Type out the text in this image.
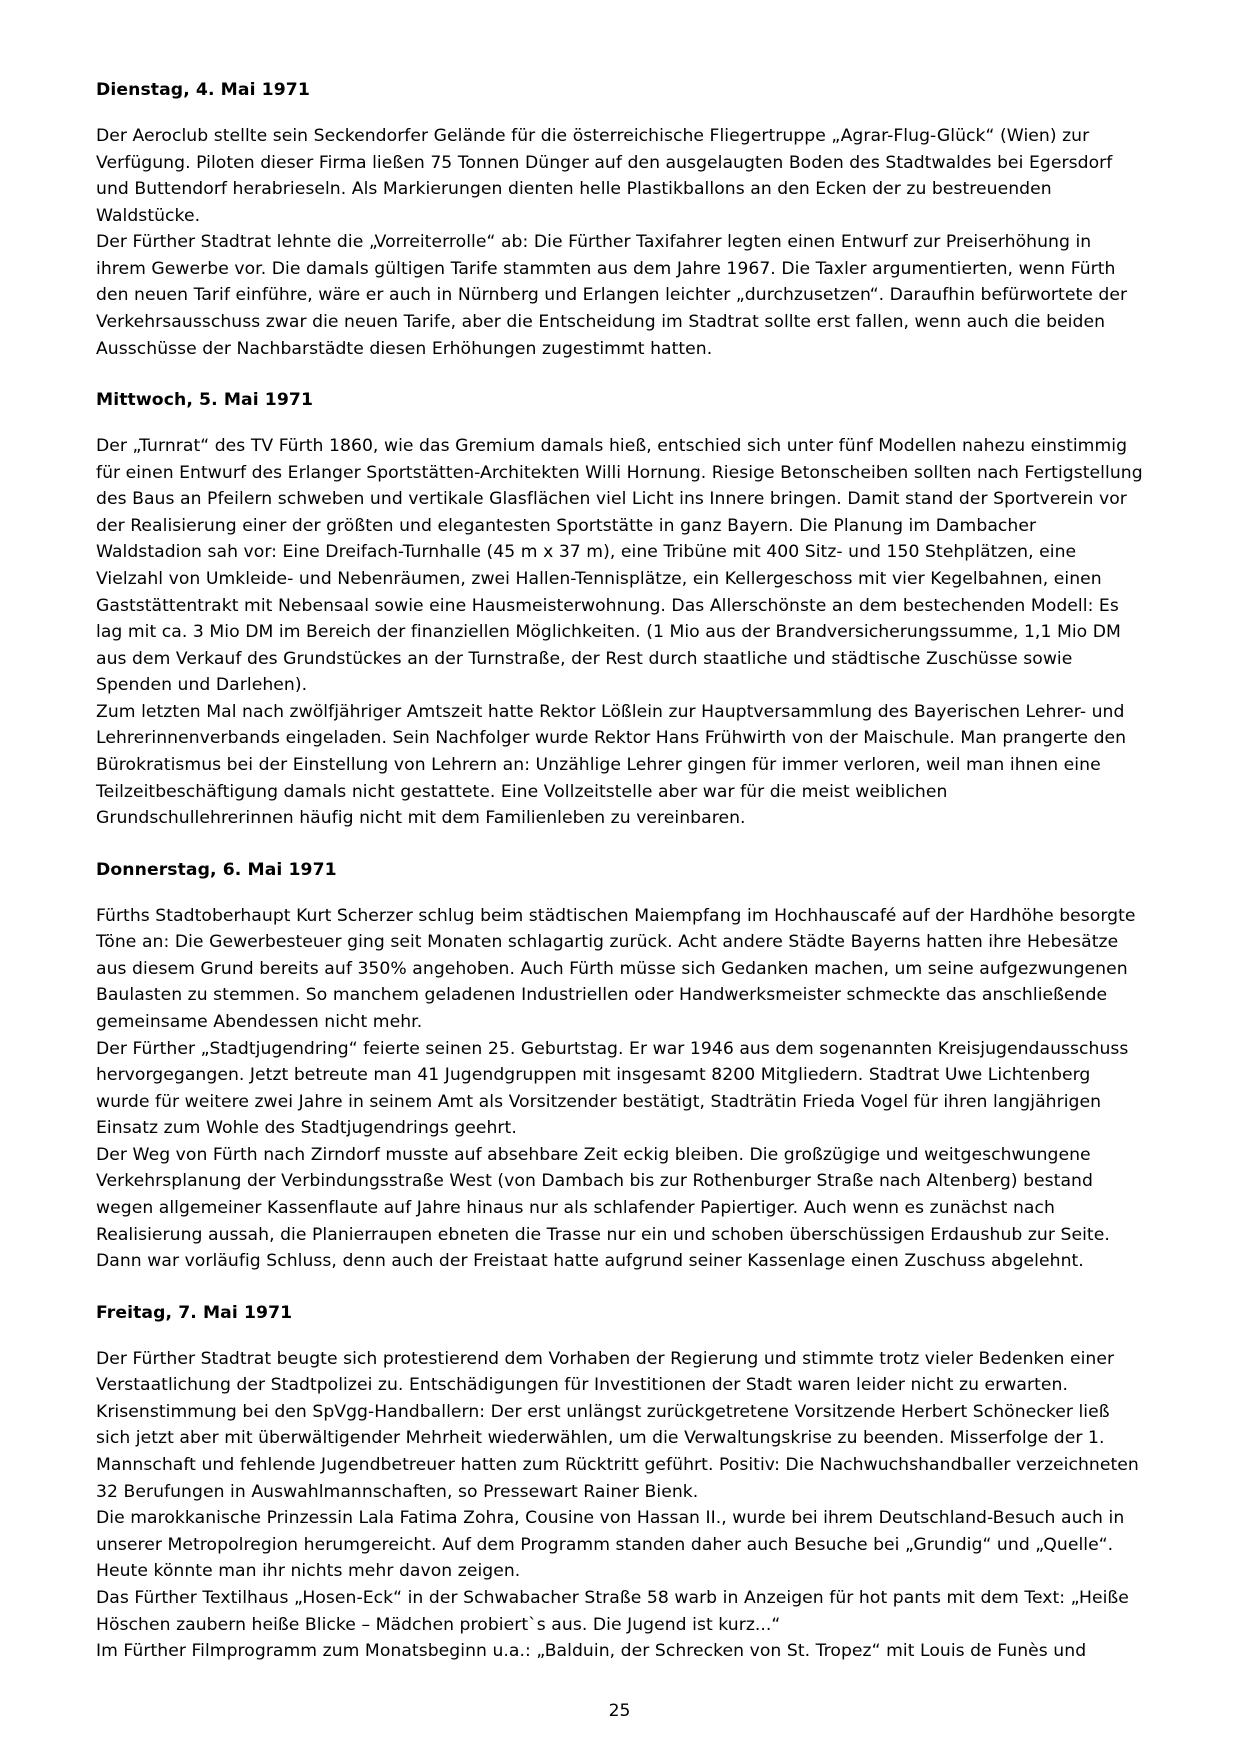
Dienstag, 4. Mai 1971

Der Aeroclub stellte sein Seckendorfer Gelände für die österreichische Fliegertruppe „Agrar-Flug-Glück“ (Wien) zur Verfügung. Piloten dieser Firma ließen 75 Tonnen Dünger auf den ausgelaugten Boden des Stadtwaldes bei Egersdorf und Buttendorf herabrieseln. Als Markierungen dienten helle Plastikballons an den Ecken der zu bestreuenden Waldstücke.

Der Fürther Stadtrat lehnte die „Vorreiterrolle“ ab: Die Fürther Taxifahrer legten einen Entwurf zur Preiserhöhung in ihrem Gewerbe vor. Die damals gültigen Tarife stammten aus dem Jahre 1967. Die Taxler argumentierten, wenn Fürth den neuen Tarif einführe, wäre er auch in Nürnberg und Erlangen leichter „durchzusetzen“. Daraufhin befürwortete der Verkehrsausschuss zwar die neuen Tarife, aber die Entscheidung im Stadtrat sollte erst fallen, wenn auch die beiden Ausschüsse der Nachbarstädte diesen Erhöhungen zugestimmt hatten.

Mittwoch, 5. Mai 1971

Der „Turnrat“ des TV Fürth 1860, wie das Gremium damals hieß, entschied sich unter fünf Modellen nahezu einstimmig für einen Entwurf des Erlanger Sportstätten-Architekten Willi Hornung. Riesige Betonscheiben sollten nach Fertigstellung des Baus an Pfeilern schweben und vertikale Glasflächen viel Licht ins Innere bringen. Damit stand der Sportverein vor der Realisierung einer der größten und elegantesten Sportstätte in ganz Bayern. Die Planung im Dambacher Waldstadion sah vor: Eine Dreifach-Turnhalle (45 m x 37 m), eine Tribüne mit 400 Sitz- und 150 Stehplätzen, eine Vielzahl von Umkleide- und Nebenräumen, zwei Hallen-Tennisplätze, ein Kellergeschoss mit vier Kegelbahnen, einen Gaststättentrakt mit Nebensaal sowie eine Hausmeisterwohnung. Das Allerschönste an dem bestechenden Modell: Es lag mit ca. 3 Mio DM im Bereich der finanziellen Möglichkeiten. (1 Mio aus der Brandversicherungssumme, 1,1 Mio DM aus dem Verkauf des Grundstückes an der Turnstraße, der Rest durch staatliche und städtische Zuschüsse sowie Spenden und Darlehen).

Zum letzten Mal nach zwölfjähriger Amtszeit hatte Rektor Lößlein zur Hauptversammlung des Bayerischen Lehrer- und Lehrerinnenverbands eingeladen. Sein Nachfolger wurde Rektor Hans Frühwirth von der Maischule. Man prangerte den Bürokratismus bei der Einstellung von Lehrern an: Unzählige Lehrer gingen für immer verloren, weil man ihnen eine Teilzeitbeschäftigung damals nicht gestattete. Eine Vollzeitstelle aber war für die meist weiblichen Grundschullehrerinnen häufig nicht mit dem Familienleben zu vereinbaren.

Donnerstag, 6. Mai 1971

Fürths Stadtoberhaupt Kurt Scherzer schlug beim städtischen Maiempfang im Hochhauscafé auf der Hardhöhe besorgte Töne an: Die Gewerbesteuer ging seit Monaten schlagartig zurück. Acht andere Städte Bayerns hatten ihre Hebesätze aus diesem Grund bereits auf 350% angehoben. Auch Fürth müsse sich Gedanken machen, um seine aufgezwungenen Baulasten zu stemmen. So manchem geladenen Industriellen oder Handwerksmeister schmeckte das anschließende gemeinsame Abendessen nicht mehr.

Der Fürther „Stadtjugendring“ feierte seinen 25. Geburtstag. Er war 1946 aus dem sogenannten Kreisjugendausschuss hervorgegangen. Jetzt betreute man 41 Jugendgruppen mit insgesamt 8200 Mitgliedern. Stadtrat Uwe Lichtenberg wurde für weitere zwei Jahre in seinem Amt als Vorsitzender bestätigt, Stadträtin Frieda Vogel für ihren langjährigen Einsatz zum Wohle des Stadtjugendrings geehrt.

Der Weg von Fürth nach Zirndorf musste auf absehbare Zeit eckig bleiben. Die großzügige und weitgeschwungene Verkehrsplanung der Verbindungsstraße West (von Dambach bis zur Rothenburger Straße nach Altenberg) bestand wegen allgemeiner Kassenflaute auf Jahre hinaus nur als schlafender Papiertiger. Auch wenn es zunächst nach Realisierung aussah, die Planierraupen ebneten die Trasse nur ein und schoben überschüssigen Erdaushub zur Seite. Dann war vorläufig Schluss, denn auch der Freistaat hatte aufgrund seiner Kassenlage einen Zuschuss abgelehnt.

Freitag, 7. Mai 1971

Der Fürther Stadtrat beugte sich protestierend dem Vorhaben der Regierung und stimmte trotz vieler Bedenken einer Verstaatlichung der Stadtpolizei zu. Entschädigungen für Investitionen der Stadt waren leider nicht zu erwarten.

Krisenstimmung bei den SpVgg-Handballern: Der erst unlängst zurückgetretene Vorsitzende Herbert Schönecker ließ sich jetzt aber mit überwältigender Mehrheit wiederwählen, um die Verwaltungskrise zu beenden. Misserfolge der 1. Mannschaft und fehlende Jugendbetreuer hatten zum Rücktritt geführt. Positiv: Die Nachwuchshandballer verzeichneten 32 Berufungen in Auswahlmannschaften, so Pressewart Rainer Bienk.

Die marokkanische Prinzessin Lala Fatima Zohra, Cousine von Hassan II., wurde bei ihrem Deutschland-Besuch auch in unserer Metropolregion herumgereicht. Auf dem Programm standen daher auch Besuche bei „Grundig“ und „Quelle“. Heute könnte man ihr nichts mehr davon zeigen.

Das Fürther Textilhaus „Hosen-Eck“ in der Schwabacher Straße 58 warb in Anzeigen für hot pants mit dem Text: „Heiße Höschen zaubern heiße Blicke – Mädchen probiert`s aus. Die Jugend ist kurz...“

Im Fürther Filmprogramm zum Monatsbeginn u.a.: „Balduin, der Schrecken von St. Tropez“ mit Louis de Funès und

25
